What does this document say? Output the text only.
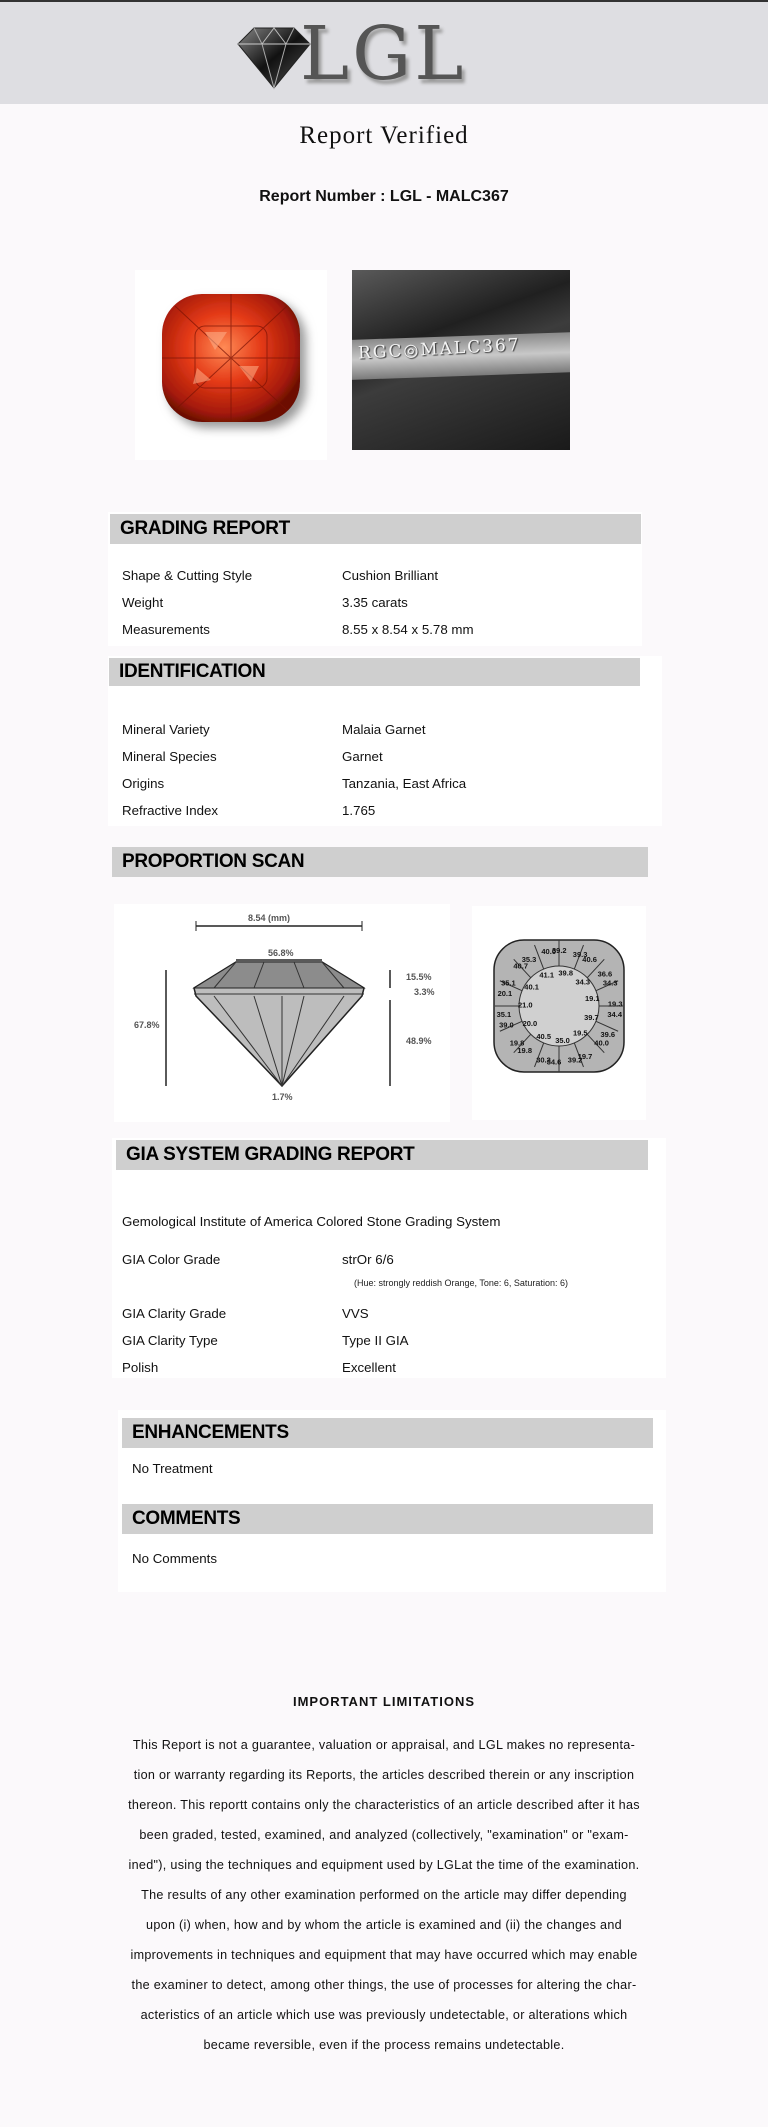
LGL
Report Verified
Report Number : LGL - MALC367
RGC◎MALC367
GRADING REPORT
Shape & Cutting Style	Cushion Brilliant
Weight	3.35 carats
Measurements	8.55 x 8.54 x 5.78 mm
IDENTIFICATION
Mineral Variety	Malaia Garnet
Mineral Species	Garnet
Origins	Tanzania, East Africa
Refractive Index	1.765
PROPORTION SCAN
8.54 (mm)
56.8%
67.8%
15.5%
3.3%
48.9%
1.7%
39.2
39.8
39.3
40.6
34.3
36.6
34.3
19.1
19.3
34.4
39.7
39.6
40.0
19.5
19.7
39.2
35.0
34.6
30.2
40.5
19.8
19.8
20.0
39.0
35.1
21.0
20.1
35.1 40.1
40.7
35.3
41.1
40.0
GIA SYSTEM GRADING REPORT
Gemological Institute of America Colored Stone Grading System
GIA Color Grade	strOr 6/6
(Hue: strongly reddish Orange, Tone: 6, Saturation: 6)
GIA Clarity Grade	VVS
GIA Clarity Type	Type II GIA
Polish	Excellent
ENHANCEMENTS
No Treatment
COMMENTS
No Comments
IMPORTANT LIMITATIONS
This Report is not a guarantee, valuation or appraisal, and LGL makes no representa-
tion or warranty regarding its Reports, the articles described therein or any inscription
thereon. This reportt contains only the characteristics of an article described after it has
been graded, tested, examined, and analyzed (collectively, "examination" or "exam-
ined"), using the techniques and equipment used by LGLat the time of the examination.
The results of any other examination performed on the article may differ depending
upon (i) when, how and by whom the article is examined and (ii) the changes and
improvements in techniques and equipment that may have occurred which may enable
the examiner to detect, among other things, the use of processes for altering the char-
acteristics of an article which use was previously undetectable, or alterations which
became reversible, even if the process remains undetectable.
